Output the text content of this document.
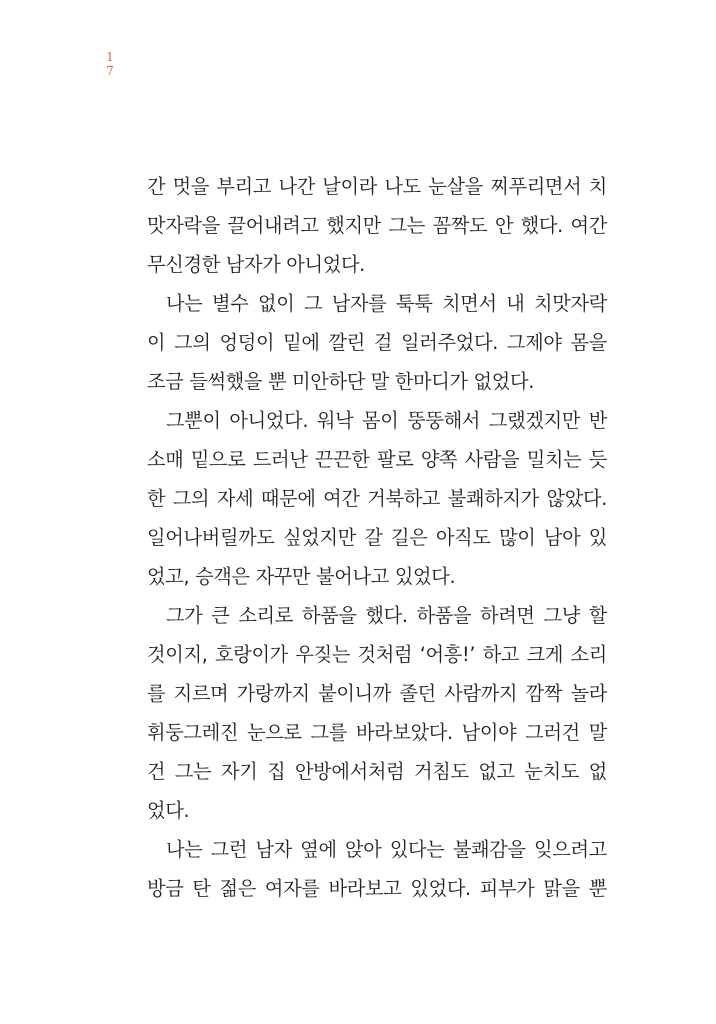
1
7
간 멋을 부리고 나간 날이라 나도 눈살을 찌푸리면서 치
맛자락을 끌어내려고 했지만 그는 꼼짝도 안 했다. 여간
무신경한 남자가 아니었다.
나는 별수 없이 그 남자를 툭툭 치면서 내 치맛자락
이 그의 엉덩이 밑에 깔린 걸 일러주었다. 그제야 몸을
조금 들썩했을 뿐 미안하단 말 한마디가 없었다.
그뿐이 아니었다. 워낙 몸이 뚱뚱해서 그랬겠지만 반
소매 밑으로 드러난 끈끈한 팔로 양쪽 사람을 밀치는 듯
한 그의 자세 때문에 여간 거북하고 불쾌하지가 않았다.
일어나버릴까도 싶었지만 갈 길은 아직도 많이 남아 있
었고, 승객은 자꾸만 불어나고 있었다.
그가 큰 소리로 하품을 했다. 하품을 하려면 그냥 할
것이지, 호랑이가 우짖는 것처럼 ‘어흥!’ 하고 크게 소리
를 지르며 가랑까지 붙이니까 졸던 사람까지 깜짝 놀라
휘둥그레진 눈으로 그를 바라보았다. 남이야 그러건 말
건 그는 자기 집 안방에서처럼 거침도 없고 눈치도 없
었다.
나는 그런 남자 옆에 앉아 있다는 불쾌감을 잊으려고
방금 탄 젊은 여자를 바라보고 있었다. 피부가 맑을 뿐
